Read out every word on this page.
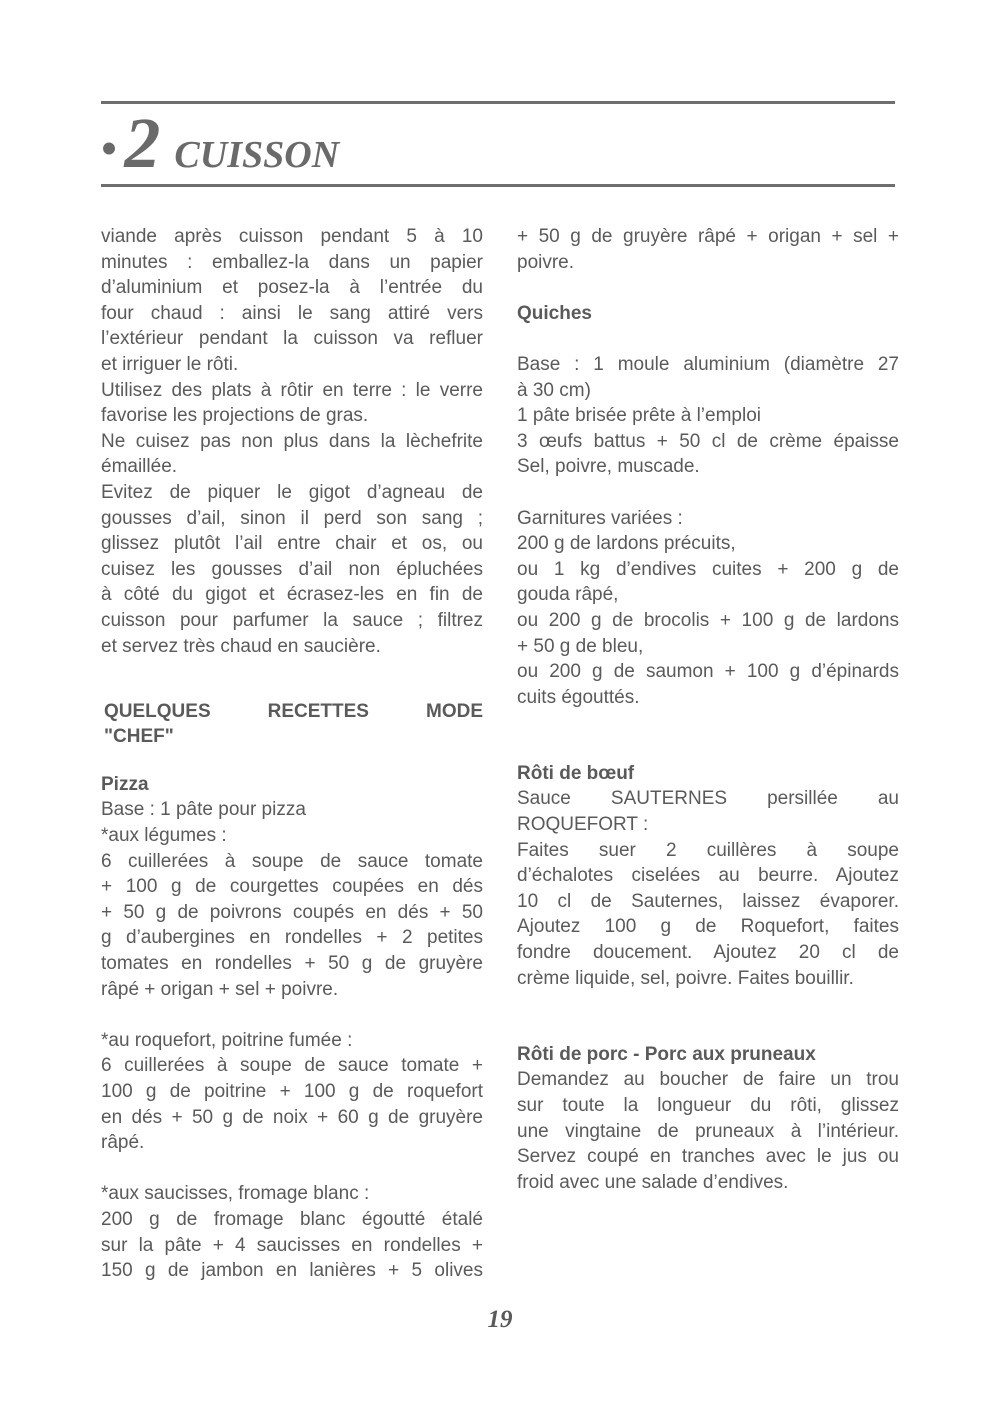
• 2 CUISSON

viande après cuisson pendant 5 à 10

minutes : emballez-la dans un papier

d’aluminium et posez-la à l’entrée du

four chaud : ainsi le sang attiré vers

l’extérieur pendant la cuisson va refluer

et irriguer le rôti.

Utilisez des plats à rôtir en terre : le verre

favorise les projections de gras.

Ne cuisez pas non plus dans la lèchefrite

émaillée.

Evitez de piquer le gigot d’agneau de

gousses d’ail, sinon il perd son sang ;

glissez plutôt l’ail entre chair et os, ou

cuisez les gousses d’ail non épluchées

à côté du gigot et écrasez-les en fin de

cuisson pour parfumer la sauce ; filtrez

et servez très chaud en saucière.

QUELQUES RECETTES MODE

"CHEF"

Pizza

Base : 1 pâte pour pizza

*aux légumes :

6 cuillerées à soupe de sauce tomate

+ 100 g de courgettes coupées en dés

+ 50 g de poivrons coupés en dés + 50

g d’aubergines en rondelles + 2 petites

tomates en rondelles + 50 g de gruyère

râpé + origan + sel + poivre.

*au roquefort, poitrine fumée :

6 cuillerées à soupe de sauce tomate +

100 g de poitrine + 100 g de roquefort

en dés + 50 g de noix + 60 g de gruyère

râpé.

*aux saucisses, fromage blanc :

200 g de fromage blanc égoutté étalé

sur la pâte + 4 saucisses en rondelles +

150 g de jambon en lanières + 5 olives

+ 50 g de gruyère râpé + origan + sel +

poivre.

Quiches

Base : 1 moule aluminium (diamètre 27

à 30 cm)

1 pâte brisée prête à l’emploi

3 œufs battus + 50 cl de crème épaisse

Sel, poivre, muscade.

Garnitures variées :

200 g de lardons précuits,

ou 1 kg d’endives cuites + 200 g de

gouda râpé,

ou 200 g de brocolis + 100 g de lardons

+ 50 g de bleu,

ou 200 g de saumon + 100 g d’épinards

cuits égouttés.

Rôti de bœuf

Sauce SAUTERNES persillée au

ROQUEFORT :

Faites suer 2 cuillères à soupe

d’échalotes ciselées au beurre. Ajoutez

10 cl de Sauternes, laissez évaporer.

Ajoutez 100 g de Roquefort, faites

fondre doucement. Ajoutez 20 cl de

crème liquide, sel, poivre. Faites bouillir.

Rôti de porc - Porc aux pruneaux

Demandez au boucher de faire un trou

sur toute la longueur du rôti, glissez

une vingtaine de pruneaux à l’intérieur.

Servez coupé en tranches avec le jus ou

froid avec une salade d’endives.

19
